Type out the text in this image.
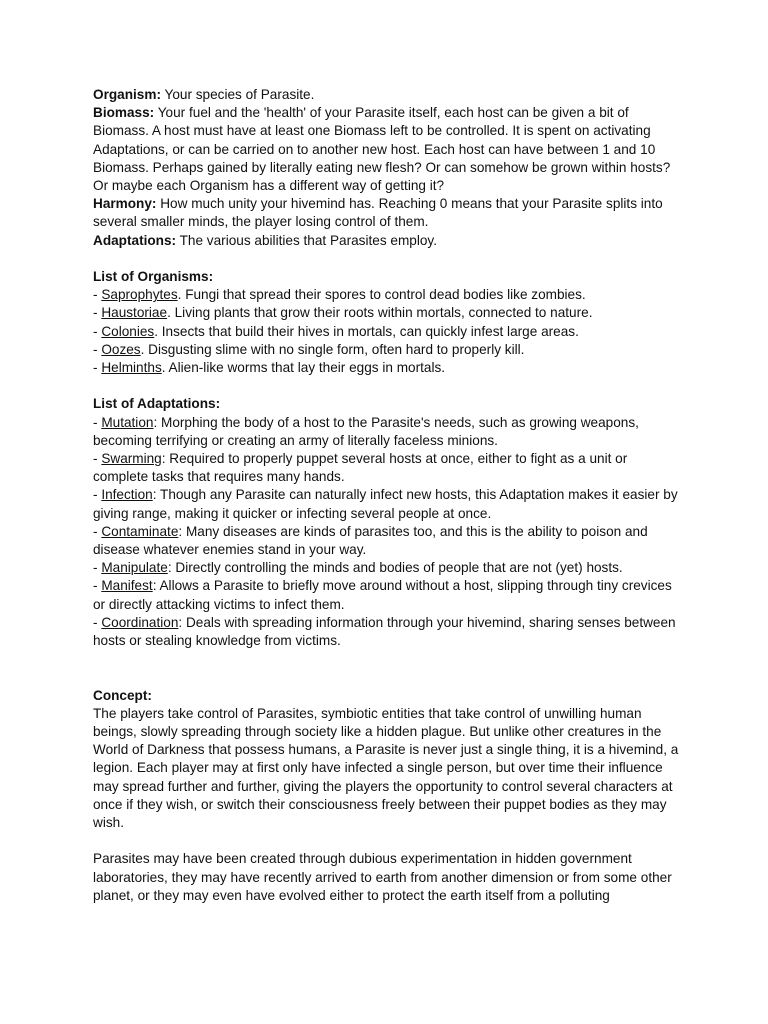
Organism: Your species of Parasite.

Biomass: Your fuel and the 'health' of your Parasite itself, each host can be given a bit of Biomass. A host must have at least one Biomass left to be controlled. It is spent on activating Adaptations, or can be carried on to another new host. Each host can have between 1 and 10 Biomass. Perhaps gained by literally eating new flesh? Or can somehow be grown within hosts? Or maybe each Organism has a different way of getting it?

Harmony: How much unity your hivemind has. Reaching 0 means that your Parasite splits into several smaller minds, the player losing control of them.

Adaptations: The various abilities that Parasites employ.

List of Organisms:

- Saprophytes. Fungi that spread their spores to control dead bodies like zombies.

- Haustoriae. Living plants that grow their roots within mortals, connected to nature.

- Colonies. Insects that build their hives in mortals, can quickly infest large areas.

- Oozes. Disgusting slime with no single form, often hard to properly kill.

- Helminths. Alien-like worms that lay their eggs in mortals.

List of Adaptations:

- Mutation: Morphing the body of a host to the Parasite's needs, such as growing weapons, becoming terrifying or creating an army of literally faceless minions.

- Swarming: Required to properly puppet several hosts at once, either to fight as a unit or complete tasks that requires many hands.

- Infection: Though any Parasite can naturally infect new hosts, this Adaptation makes it easier by giving range, making it quicker or infecting several people at once.

- Contaminate: Many diseases are kinds of parasites too, and this is the ability to poison and disease whatever enemies stand in your way.

- Manipulate: Directly controlling the minds and bodies of people that are not (yet) hosts.

- Manifest: Allows a Parasite to briefly move around without a host, slipping through tiny crevices or directly attacking victims to infect them.

- Coordination: Deals with spreading information through your hivemind, sharing senses between hosts or stealing knowledge from victims.

Concept:

The players take control of Parasites, symbiotic entities that take control of unwilling human beings, slowly spreading through society like a hidden plague. But unlike other creatures in the World of Darkness that possess humans, a Parasite is never just a single thing, it is a hivemind, a legion. Each player may at first only have infected a single person, but over time their influence may spread further and further, giving the players the opportunity to control several characters at once if they wish, or switch their consciousness freely between their puppet bodies as they may wish.

Parasites may have been created through dubious experimentation in hidden government laboratories, they may have recently arrived to earth from another dimension or from some other planet, or they may even have evolved either to protect the earth itself from a polluting
